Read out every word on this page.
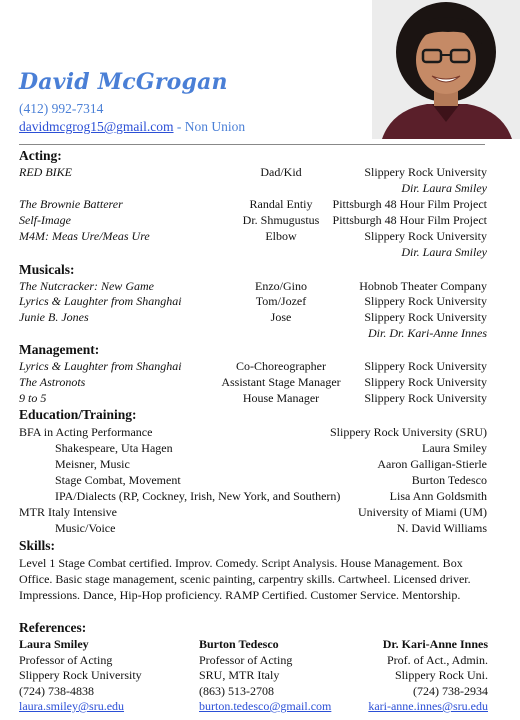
David McGrogan
(412) 992-7314
davidmcgrog15@gmail.com - Non Union
Acting:
RED BIKE	Dad/Kid	Slippery Rock University
Dir. Laura Smiley
The Brownie Batterer	Randal Entiy	Pittsburgh 48 Hour Film Project
Self-Image	Dr. Shmugustus	Pittsburgh 48 Hour Film Project
M4M: Meas Ure/Meas Ure	Elbow	Slippery Rock University
Dir. Laura Smiley
Musicals:
The Nutcracker: New Game	Enzo/Gino	Hobnob Theater Company
Lyrics & Laughter from Shanghai	Tom/Jozef	Slippery Rock University
Junie B. Jones	Jose	Slippery Rock University
Dir. Dr. Kari-Anne Innes
Management:
Lyrics & Laughter from Shanghai	Co-Choreographer	Slippery Rock University
The Astronots	Assistant Stage Manager	Slippery Rock University
9 to 5	House Manager	Slippery Rock University
Education/Training:
BFA in Acting Performance	Slippery Rock University (SRU)
Shakespeare, Uta Hagen	Laura Smiley
Meisner, Music	Aaron Galligan-Stierle
Stage Combat, Movement	Burton Tedesco
IPA/Dialects (RP, Cockney, Irish, New York, and Southern)	Lisa Ann Goldsmith
MTR Italy Intensive	University of Miami (UM)
Music/Voice	N. David Williams
Skills:
Level 1 Stage Combat certified. Improv. Comedy. Script Analysis. House Management. Box Office. Basic stage management, scenic painting, carpentry skills. Cartwheel. Licensed driver. Impressions. Dance, Hip-Hop proficiency. RAMP Certified. Customer Service. Mentorship.
References:
Laura Smiley
Professor of Acting
Slippery Rock University
(724) 738-4838
laura.smiley@sru.edu
Burton Tedesco
Professor of Acting
SRU, MTR Italy
(863) 513-2708
burton.tedesco@gmail.com
Dr. Kari-Anne Innes
Prof. of Act., Admin.
Slippery Rock Uni.
(724) 738-2934
kari-anne.innes@sru.edu
